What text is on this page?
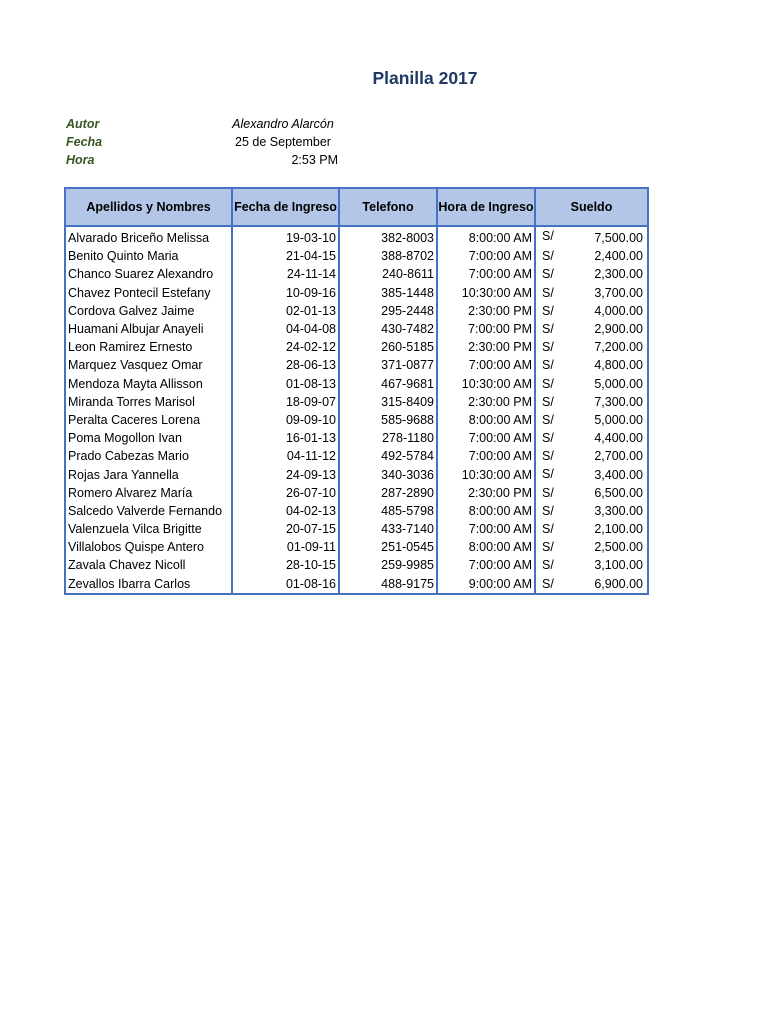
Planilla 2017
Autor	Alexandro Alarcón
Fecha	25 de September
Hora	2:53 PM
Apellidos y Nombres	Fecha de Ingreso	Telefono	Hora de Ingreso	Sueldo
Alvarado Briceño Melissa	19-03-10	382-8003	8:00:00 AM	S/ 7,500.00

Benito Quinto Maria	21-04-15	388-8702	7:00:00 AM	S/ 2,400.00

Chanco Suarez Alexandro	24-11-14	240-8611	7:00:00 AM	S/ 2,300.00

Chavez Pontecil Estefany	10-09-16	385-1448	10:30:00 AM	S/ 3,700.00

Cordova Galvez Jaime	02-01-13	295-2448	2:30:00 PM	S/ 4,000.00

Huamani Albujar Anayeli	04-04-08	430-7482	7:00:00 PM	S/ 2,900.00

Leon Ramirez Ernesto	24-02-12	260-5185	2:30:00 PM	S/ 7,200.00

Marquez Vasquez Omar	28-06-13	371-0877	7:00:00 AM	S/ 4,800.00

Mendoza Mayta Allisson	01-08-13	467-9681	10:30:00 AM	S/ 5,000.00

Miranda Torres Marisol	18-09-07	315-8409	2:30:00 PM	S/ 7,300.00

Peralta Caceres Lorena	09-09-10	585-9688	8:00:00 AM	S/ 5,000.00

Poma Mogollon Ivan	16-01-13	278-1180	7:00:00 AM	S/ 4,400.00

Prado Cabezas Mario	04-11-12	492-5784	7:00:00 AM	S/ 2,700.00

Rojas Jara Yannella	24-09-13	340-3036	10:30:00 AM	S/ 3,400.00

Romero Alvarez María	26-07-10	287-2890	2:30:00 PM	S/ 6,500.00

Salcedo Valverde Fernando	04-02-13	485-5798	8:00:00 AM	S/ 3,300.00

Valenzuela Vilca Brigitte	20-07-15	433-7140	7:00:00 AM	S/ 2,100.00

Villalobos Quispe Antero	01-09-11	251-0545	8:00:00 AM	S/ 2,500.00

Zavala Chavez Nicoll	28-10-15	259-9985	7:00:00 AM	S/ 3,100.00

Zevallos Ibarra Carlos	01-08-16	488-9175	9:00:00 AM	S/ 6,900.00
